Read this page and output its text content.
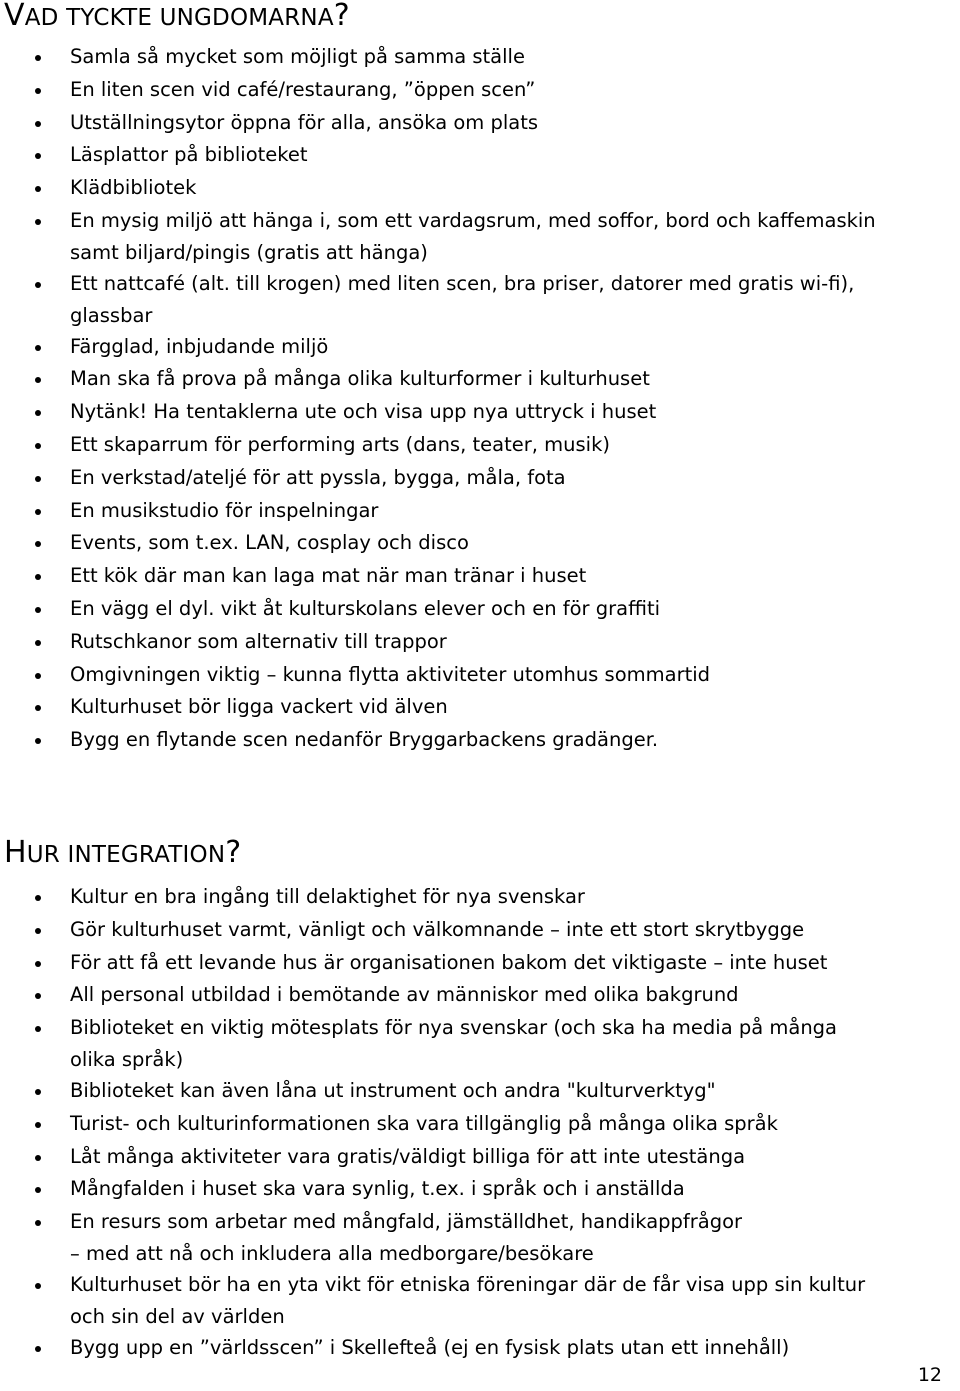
VAD TYCKTE UNGDOMARNA?
Samla så mycket som möjligt på samma ställe
En liten scen vid café/restaurang, ”öppen scen”
Utställningsytor öppna för alla, ansöka om plats
Läsplattor på biblioteket
Klädbibliotek
En mysig miljö att hänga i, som ett vardagsrum, med soffor, bord och kaffemaskin
samt biljard/pingis (gratis att hänga)
Ett nattcafé (alt. till krogen) med liten scen, bra priser, datorer med gratis wi-fi),
glassbar
Färgglad, inbjudande miljö
Man ska få prova på många olika kulturformer i kulturhuset
Nytänk! Ha tentaklerna ute och visa upp nya uttryck i huset
Ett skaparrum för performing arts (dans, teater, musik)
En verkstad/ateljé för att pyssla, bygga, måla, fota
En musikstudio för inspelningar
Events, som t.ex. LAN, cosplay och disco
Ett kök där man kan laga mat när man tränar i huset
En vägg el dyl. vikt åt kulturskolans elever och en för graffiti
Rutschkanor som alternativ till trappor
Omgivningen viktig – kunna flytta aktiviteter utomhus sommartid
Kulturhuset bör ligga vackert vid älven
Bygg en flytande scen nedanför Bryggarbackens gradänger.
HUR INTEGRATION?
Kultur en bra ingång till delaktighet för nya svenskar
Gör kulturhuset varmt, vänligt och välkomnande – inte ett stort skrytbygge
För att få ett levande hus är organisationen bakom det viktigaste – inte huset
All personal utbildad i bemötande av människor med olika bakgrund
Biblioteket en viktig mötesplats för nya svenskar (och ska ha media på många
olika språk)
Biblioteket kan även låna ut instrument och andra "kulturverktyg"
Turist- och kulturinformationen ska vara tillgänglig på många olika språk
Låt många aktiviteter vara gratis/väldigt billiga för att inte utestänga
Mångfalden i huset ska vara synlig, t.ex. i språk och i anställda
En resurs som arbetar med mångfald, jämställdhet, handikappfrågor
– med att nå och inkludera alla medborgare/besökare
Kulturhuset bör ha en yta vikt för etniska föreningar där de får visa upp sin kultur
och sin del av världen
Bygg upp en ”världsscen” i Skellefteå (ej en fysisk plats utan ett innehåll)
12
